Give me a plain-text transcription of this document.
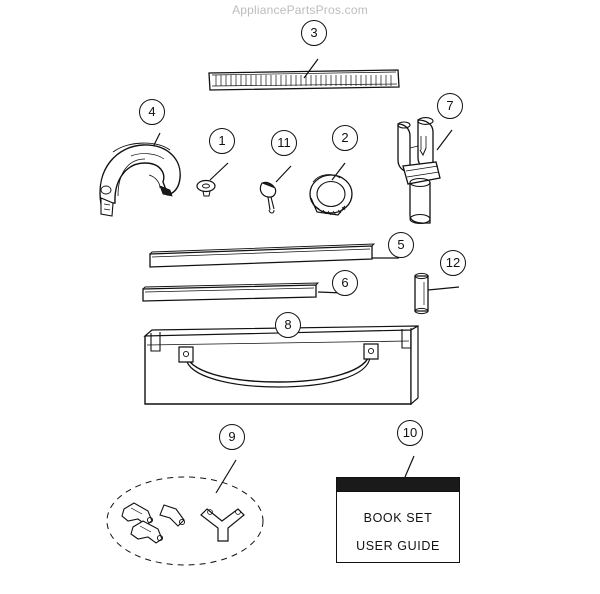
AppliancePartsPros.com
BOOK SET
USER GUIDE
3
4	7
1	11	2
5
12
6
8
9	10
